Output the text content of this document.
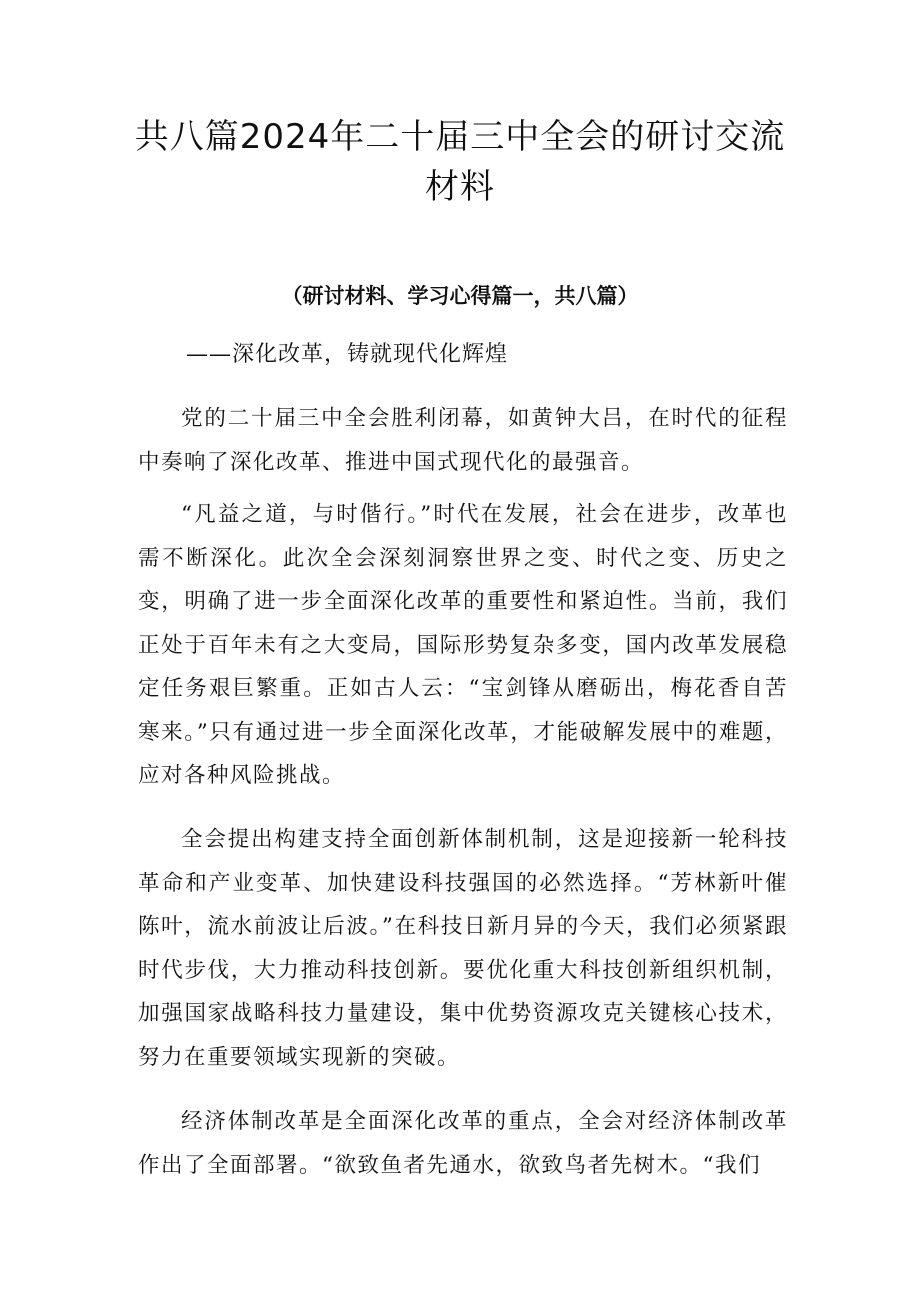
共八篇2024年二十届三中全会的研讨交流材料

（研讨材料、学习心得篇一，共八篇）

——深化改革，铸就现代化辉煌

党的二十届三中全会胜利闭幕，如黄钟大吕，在时代的征程中奏响了深化改革、推进中国式现代化的最强音。

“凡益之道，与时偕行。”时代在发展，社会在进步，改革也需不断深化。此次全会深刻洞察世界之变、时代之变、历史之变，明确了进一步全面深化改革的重要性和紧迫性。当前，我们正处于百年未有之大变局，国际形势复杂多变，国内改革发展稳定任务艰巨繁重。正如古人云：“宝剑锋从磨砺出，梅花香自苦寒来。”只有通过进一步全面深化改革，才能破解发展中的难题，应对各种风险挑战。

全会提出构建支持全面创新体制机制，这是迎接新一轮科技革命和产业变革、加快建设科技强国的必然选择。“芳林新叶催陈叶，流水前波让后波。”在科技日新月异的今天，我们必须紧跟时代步伐，大力推动科技创新。要优化重大科技创新组织机制，加强国家战略科技力量建设，集中优势资源攻克关键核心技术，努力在重要领域实现新的突破。

经济体制改革是全面深化改革的重点，全会对经济体制改革作出了全面部署。“欲致鱼者先通水，欲致鸟者先树木。“我们
